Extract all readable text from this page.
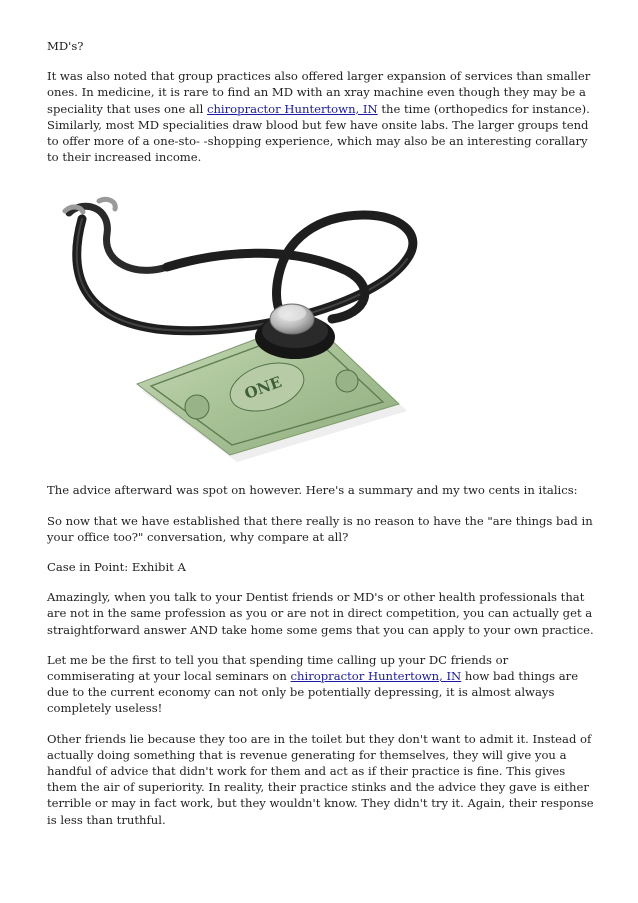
MD's?

It was also noted that group practices also offered larger expansion of services than smaller ones. In medicine, it is rare to find an MD with an xray machine even though they may be a speciality that uses one all chiropractor Huntertown, IN the time (orthopedics for instance). Similarly, most MD specialities draw blood but few have onsite labs. The larger groups tend to offer more of a one-sto- -shopping experience, which may also be an interesting corallary to their increased income.

ONE

The advice afterward was spot on however. Here's a summary and my two cents in italics:

So now that we have established that there really is no reason to have the "are things bad in your office too?" conversation, why compare at all?

Case in Point: Exhibit A

Amazingly, when you talk to your Dentist friends or MD's or other health professionals that are not in the same profession as you or are not in direct competition, you can actually get a straightforward answer AND take home some gems that you can apply to your own practice.

Let me be the first to tell you that spending time calling up your DC friends or commiserating at your local seminars on chiropractor Huntertown, IN how bad things are due to the current economy can not only be potentially depressing, it is almost always completely useless!

Other friends lie because they too are in the toilet but they don't want to admit it. Instead of actually doing something that is revenue generating for themselves, they will give you a handful of advice that didn't work for them and act as if their practice is fine. This gives them the air of superiority. In reality, their practice stinks and the advice they gave is either terrible or may in fact work, but they wouldn't know. They didn't try it. Again, their response is less than truthful.
